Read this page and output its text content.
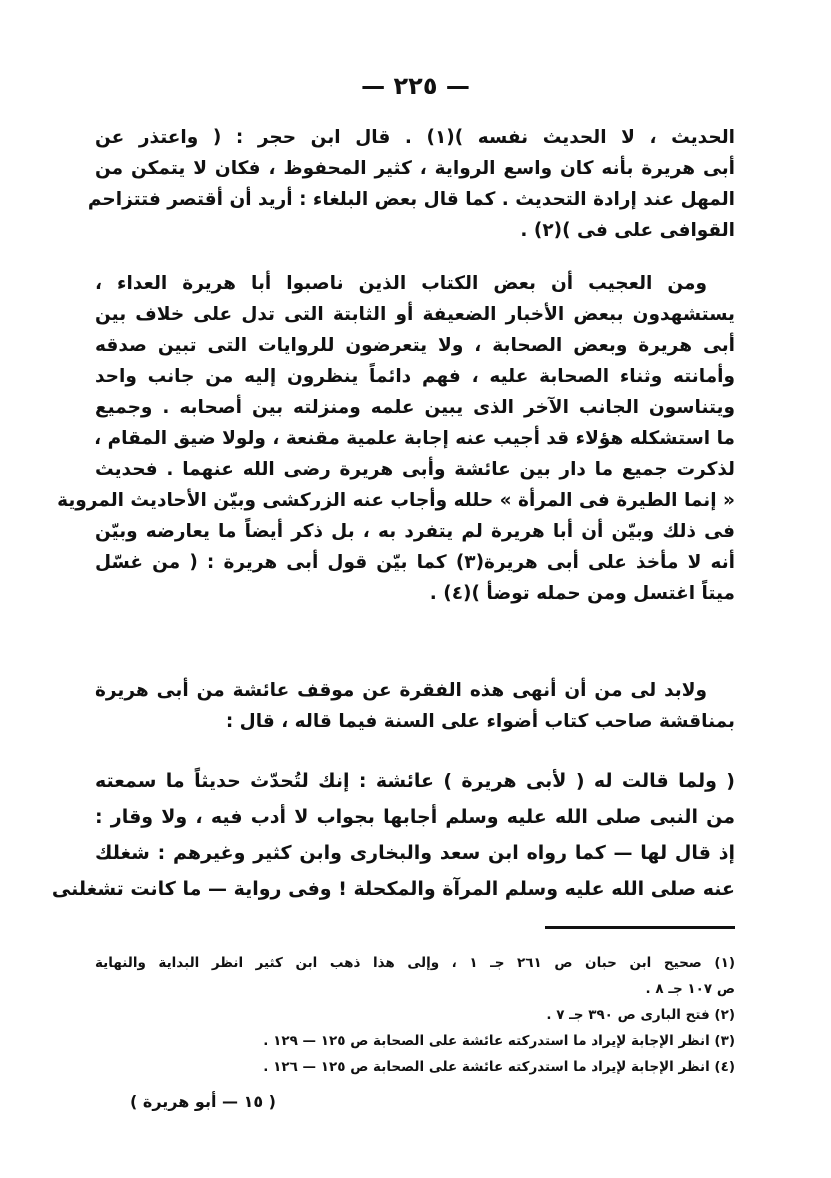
— ٢٢٥ —
الحديث ، لا الحديث نفسه )(١) . قال ابن حجر : ( واعتذر عن
أبى هريرة بأنه كان واسع الرواية ، كثير المحفوظ ، فكان لا يتمكن من
المهل عند إرادة التحديث . كما قال بعض البلغاء : أريد أن أقتصر فتتزاحم
القوافى على فى )(٢) .
ومن العجيب أن بعض الكتاب الذين ناصبوا أبا هريرة العداء ،
يستشهدون ببعض الأخبار الضعيفة أو الثابتة التى تدل على خلاف بين
أبى هريرة وبعض الصحابة ، ولا يتعرضون للروايات التى تبين صدقه
وأمانته وثناء الصحابة عليه ، فهم دائماً ينظرون إليه من جانب واحد
ويتناسون الجانب الآخر الذى يبين علمه ومنزلته بين أصحابه . وجميع
ما استشكله هؤلاء قد أجيب عنه إجابة علمية مقنعة ، ولولا ضيق المقام ،
لذكرت جميع ما دار بين عائشة وأبى هريرة رضى الله عنهما . فحديث
« إنما الطيرة فى المرأة » حلله وأجاب عنه الزركشى وبيّن الأحاديث المروية
فى ذلك وبيّن أن أبا هريرة لم يتفرد به ، بل ذكر أيضاً ما يعارضه وبيّن
أنه لا مأخذ على أبى هريرة(٣) كما بيّن قول أبى هريرة : ( من غسّل
ميتاً اغتسل ومن حمله توضأ )(٤) .
ولابد لى من أن أنهى هذه الفقرة عن موقف عائشة من أبى هريرة
بمناقشة صاحب كتاب أضواء على السنة فيما قاله ، قال :
( ولما قالت له ( لأبى هريرة ) عائشة : إنك لتُحدّث حديثاً ما سمعته
من النبى صلى الله عليه وسلم أجابها بجواب لا أدب فيه ، ولا وقار :
إذ قال لها — كما رواه ابن سعد والبخارى وابن كثير وغيرهم : شغلك
عنه صلى الله عليه وسلم المرآة والمكحلة ! وفى رواية — ما كانت تشغلنى
(١) صحيح ابن حبان ص ٢٦١ جـ ١ ، وإلى هذا ذهب ابن كثير انظر البداية والنهاية
ص ١٠٧ جـ ٨ .
(٢) فتح البارى ص ٣٩٠ جـ ٧ .
(٣) انظر الإجابة لإيراد ما استدركته عائشة على الصحابة ص ١٢٥ — ١٢٩ .
(٤) انظر الإجابة لإيراد ما استدركته عائشة على الصحابة ص ١٢٥ — ١٢٦ .
( ١٥ — أبو هريرة )
